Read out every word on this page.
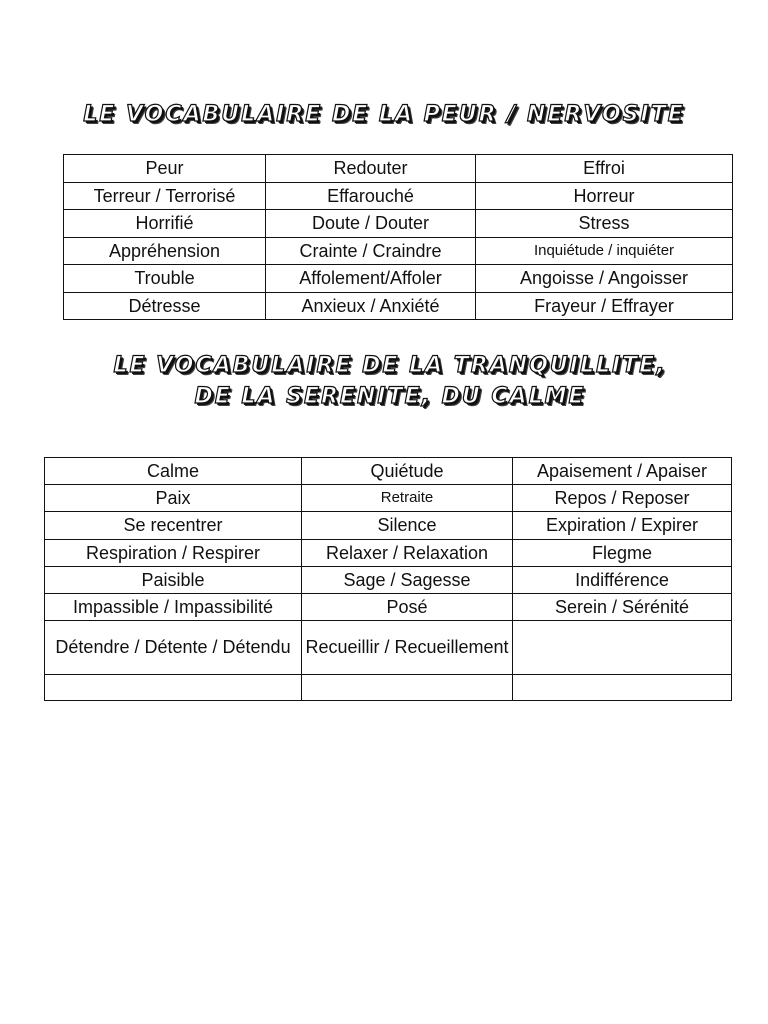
LE VOCABULAIRE DE LA PEUR / NERVOSITE
Peur	Redouter	Effroi
Terreur / Terrorisé	Effarouché	Horreur
Horrifié	Doute / Douter	Stress
Appréhension	Crainte / Craindre	Inquiétude / inquiéter
Trouble	Affolement/Affoler	Angoisse / Angoisser
Détresse	Anxieux / Anxiété	Frayeur / Effrayer
LE VOCABULAIRE DE LA TRANQUILLITE, DE LA SERENITE, DU CALME
Calme	Quiétude	Apaisement / Apaiser
Paix	Retraite	Repos / Reposer
Se recentrer	Silence	Expiration / Expirer
Respiration / Respirer	Relaxer / Relaxation	Flegme
Paisible	Sage / Sagesse	Indifférence
Impassible / Impassibilité	Posé	Serein / Sérénité
Détendre / Détente / Détendu	Recueillir / Recueillement	
